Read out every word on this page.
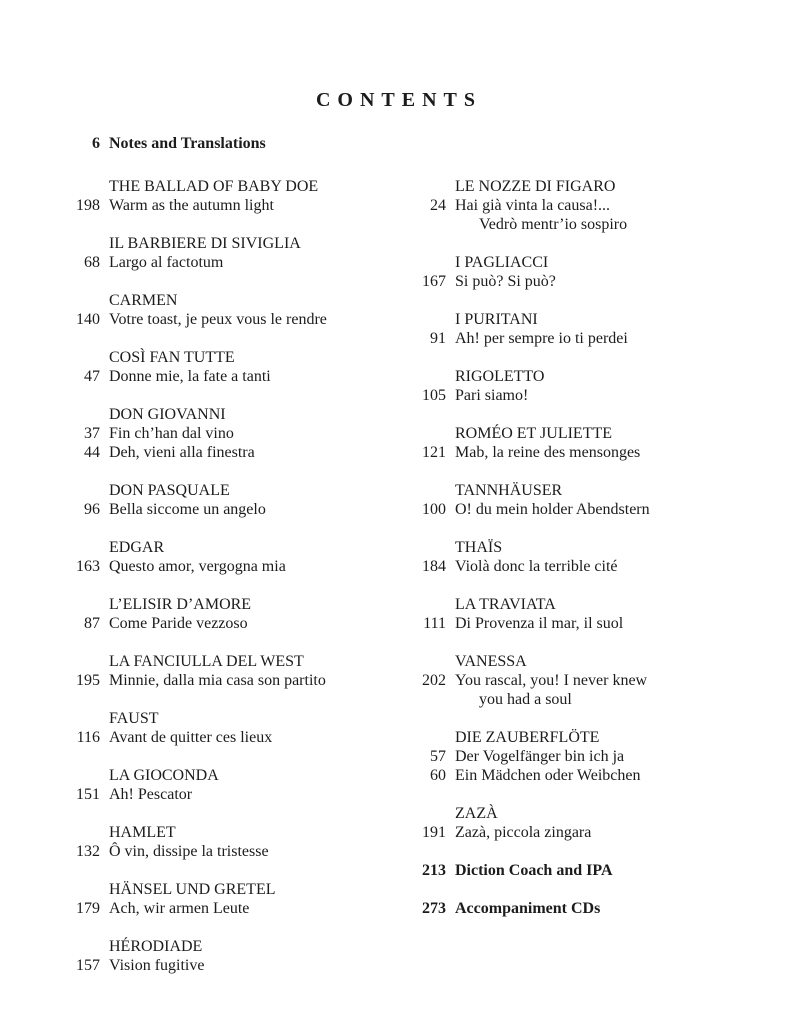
CONTENTS
6 Notes and Translations
THE BALLAD OF BABY DOE
198 Warm as the autumn light
IL BARBIERE DI SIVIGLIA
68 Largo al factotum
CARMEN
140 Votre toast, je peux vous le rendre
COSÌ FAN TUTTE
47 Donne mie, la fate a tanti
DON GIOVANNI
37 Fin ch’han dal vino
44 Deh, vieni alla finestra
DON PASQUALE
96 Bella siccome un angelo
EDGAR
163 Questo amor, vergogna mia
L’ELISIR D’AMORE
87 Come Paride vezzoso
LA FANCIULLA DEL WEST
195 Minnie, dalla mia casa son partito
FAUST
116 Avant de quitter ces lieux
LA GIOCONDA
151 Ah! Pescator
HAMLET
132 Ô vin, dissipe la tristesse
HÄNSEL UND GRETEL
179 Ach, wir armen Leute
HÉRODIADE
157 Vision fugitive
LE NOZZE DI FIGARO
24 Hai già vinta la causa!...
Vedrò mentr’io sospiro
I PAGLIACCI
167 Si può? Si può?
I PURITANI
91 Ah! per sempre io ti perdei
RIGOLETTO
105 Pari siamo!
ROMÉO ET JULIETTE
121 Mab, la reine des mensonges
TANNHÄUSER
100 O! du mein holder Abendstern
THAÏS
184 Violà donc la terrible cité
LA TRAVIATA
111 Di Provenza il mar, il suol
VANESSA
202 You rascal, you! I never knew
you had a soul
DIE ZAUBERFLÖTE
57 Der Vogelfänger bin ich ja
60 Ein Mädchen oder Weibchen
ZAZÀ
191 Zazà, piccola zingara
213 Diction Coach and IPA
273 Accompaniment CDs
